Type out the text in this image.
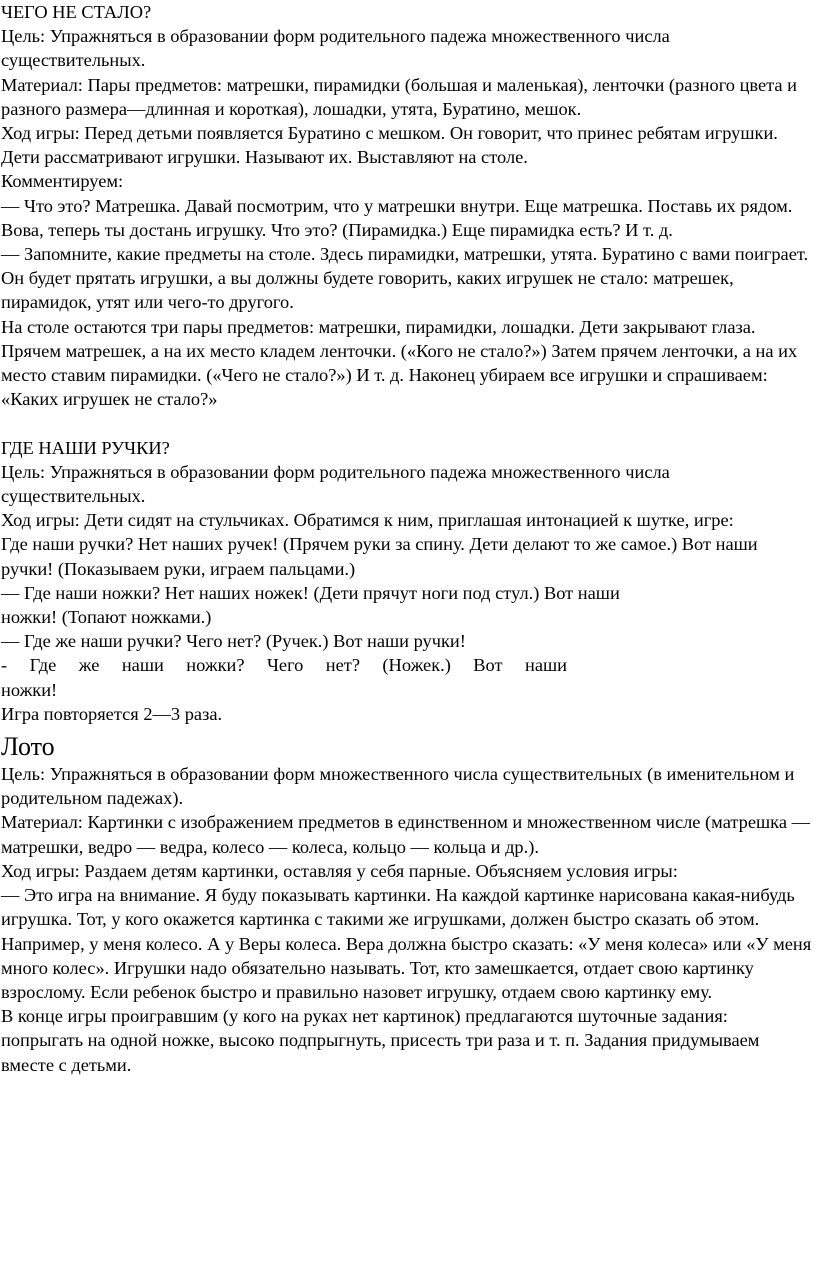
ЧЕГО НЕ СТАЛО?

Цель: Упражняться в образовании форм родительного падежа множественного числа существительных.

Материал: Пары предметов: матрешки, пирамидки (большая и маленькая), ленточки (разного цвета и разного размера—длинная и короткая), лошадки, утята, Буратино, мешок.

Ход игры: Перед детьми появляется Буратино с мешком. Он говорит, что принес ребятам игрушки. Дети рассматривают игрушки. Называют их. Выставляют на столе.

Комментируем:

— Что это? Матрешка. Давай посмотрим, что у матрешки внутри. Еще матрешка. Поставь их рядом. Вова, теперь ты достань игрушку. Что это? (Пирамидка.) Еще пирамидка есть? И т. д.

— Запомните, какие предметы на столе. Здесь пирамидки, матрешки, утята. Буратино с вами поиграет. Он будет прятать игрушки, а вы должны будете говорить, каких игрушек не стало: матрешек, пирамидок, утят или чего-то другого.

На столе остаются три пары предметов: матрешки, пирамидки, лошадки. Дети закрывают глаза. Прячем матрешек, а на их место кладем ленточки. («Кого не стало?») Затем прячем ленточки, а на их место ставим пирамидки. («Чего не стало?») И т. д. Наконец убираем все игрушки и спрашиваем: «Каких игрушек не стало?»

ГДЕ НАШИ РУЧКИ?

Цель: Упражняться в образовании форм родительного падежа множественного числа существительных.

Ход игры: Дети сидят на стульчиках. Обратимся к ним, приглашая интонацией к шутке, игре:

Где наши ручки? Нет наших ручек! (Прячем руки за спину. Дети делают то же самое.) Вот наши ручки! (Показываем руки, играем пальцами.)

— Где наши ножки? Нет наших ножек! (Дети прячут ноги под стул.) Вот наши

ножки! (Топают ножками.)

— Где же наши ручки? Чего нет? (Ручек.) Вот наши ручки!

- Где же наши ножки? Чего нет? (Ножек.) Вот наши

ножки!

Игра повторяется 2—3 раза.

Лото

Цель: Упражняться в образовании форм множественного числа существительных (в именительном и родительном падежах).

Материал: Картинки с изображением предметов в единственном и множественном числе (матрешка — матрешки, ведро — ведра, колесо — колеса, кольцо — кольца и др.).

Ход игры: Раздаем детям картинки, оставляя у себя парные. Объясняем условия игры:

— Это игра на внимание. Я буду показывать картинки. На каждой картинке нарисована какая-нибудь игрушка. Тот, у кого окажется картинка с такими же игрушками, должен быстро сказать об этом. Например, у меня колесо. А у Веры колеса. Вера должна быстро сказать: «У меня колеса» или «У меня много колес». Игрушки надо обязательно называть. Тот, кто замешкается, отдает свою картинку взрослому. Если ребенок быстро и правильно назовет игрушку, отдаем свою картинку ему.

В конце игры проигравшим (у кого на руках нет картинок) предлагаются шуточные задания: попрыгать на одной ножке, высоко подпрыгнуть, присесть три раза и т. п. Задания придумываем вместе с детьми.
